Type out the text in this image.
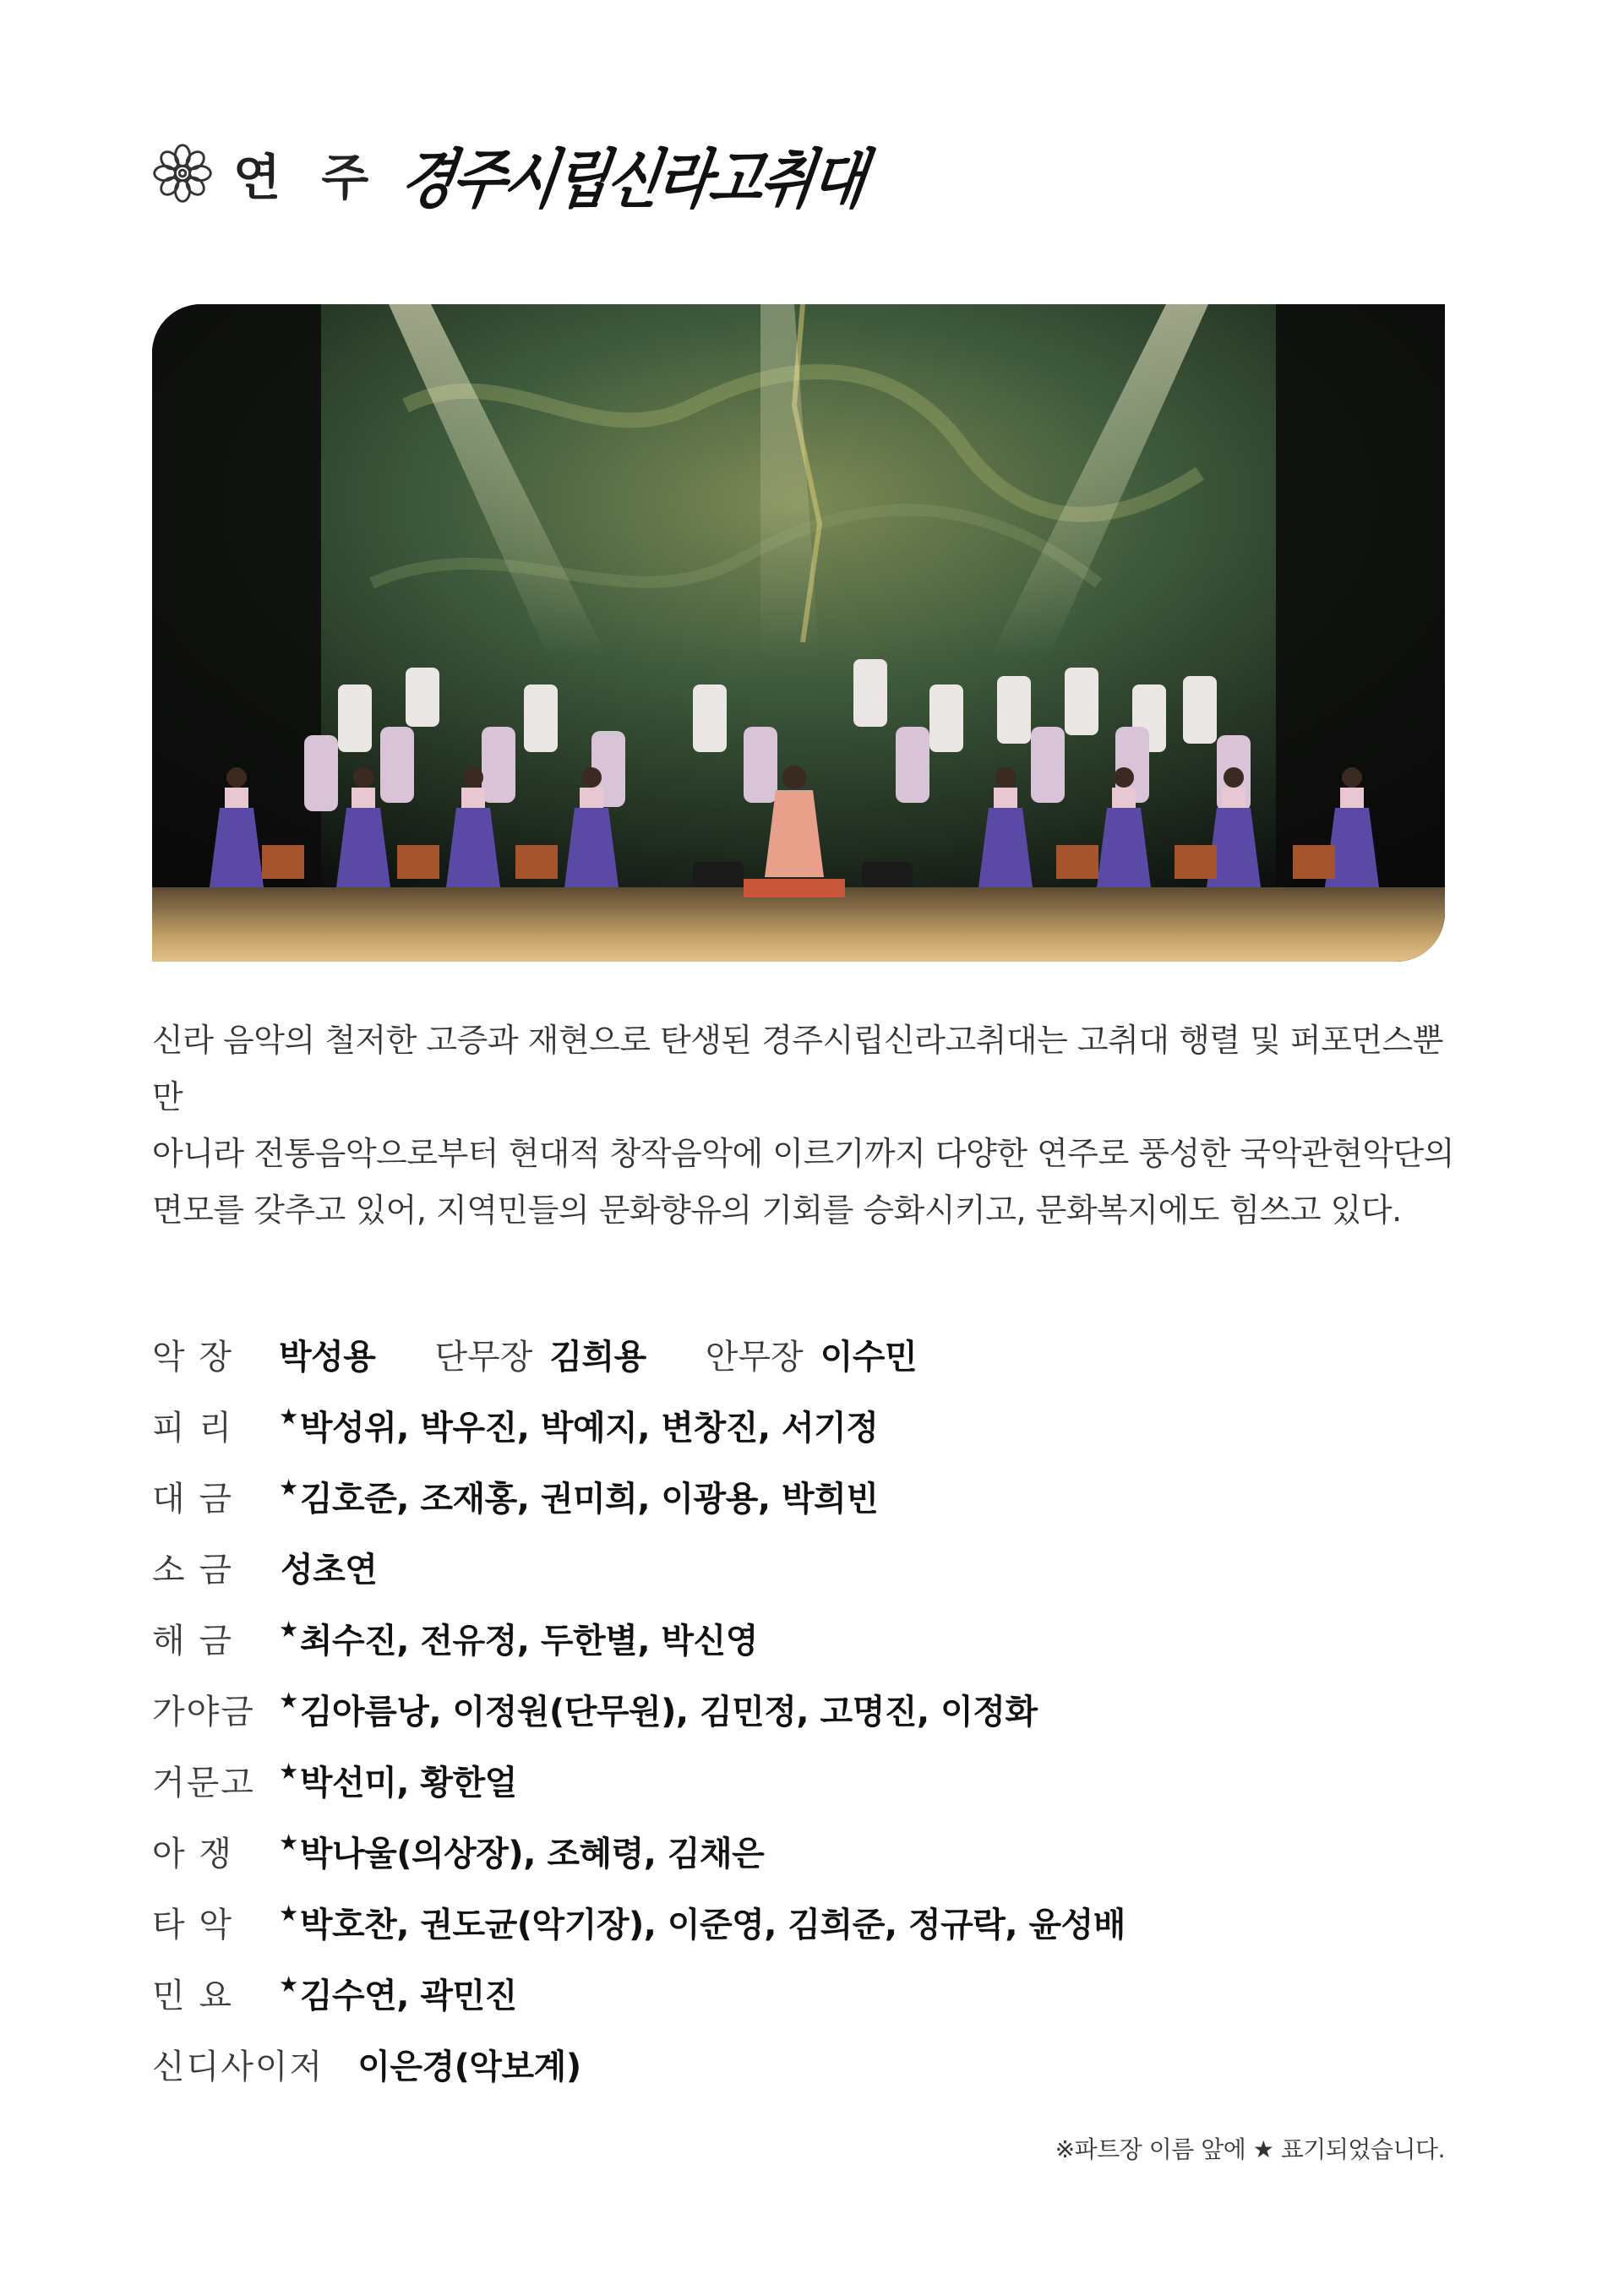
연 주 경주시립신라고취대

신라 음악의 철저한 고증과 재현으로 탄생된 경주시립신라고취대는 고취대 행렬 및 퍼포먼스뿐만

아니라 전통음악으로부터 현대적 창작음악에 이르기까지 다양한 연주로 풍성한 국악관현악단의

면모를 갖추고 있어, 지역민들의 문화향유의 기회를 승화시키고, 문화복지에도 힘쓰고 있다.

악 장	박성용 단무장 김희용 안무장 이수민
피 리	★박성위, 박우진, 박예지, 변창진, 서기정
대 금	★김호준, 조재홍, 권미희, 이광용, 박희빈
소 금	성초연
해 금	★최수진, 전유정, 두한별, 박신영
가야금	★김아름낭, 이정원(단무원), 김민정, 고명진, 이정화
거문고	★박선미, 황한얼
아 쟁	★박나울(의상장), 조혜령, 김채은
타 악	★박호찬, 권도균(악기장), 이준영, 김희준, 정규락, 윤성배
민 요	★김수연, 곽민진
신디사이저 이은경(악보계)
※파트장 이름 앞에 ★ 표기되었습니다.
